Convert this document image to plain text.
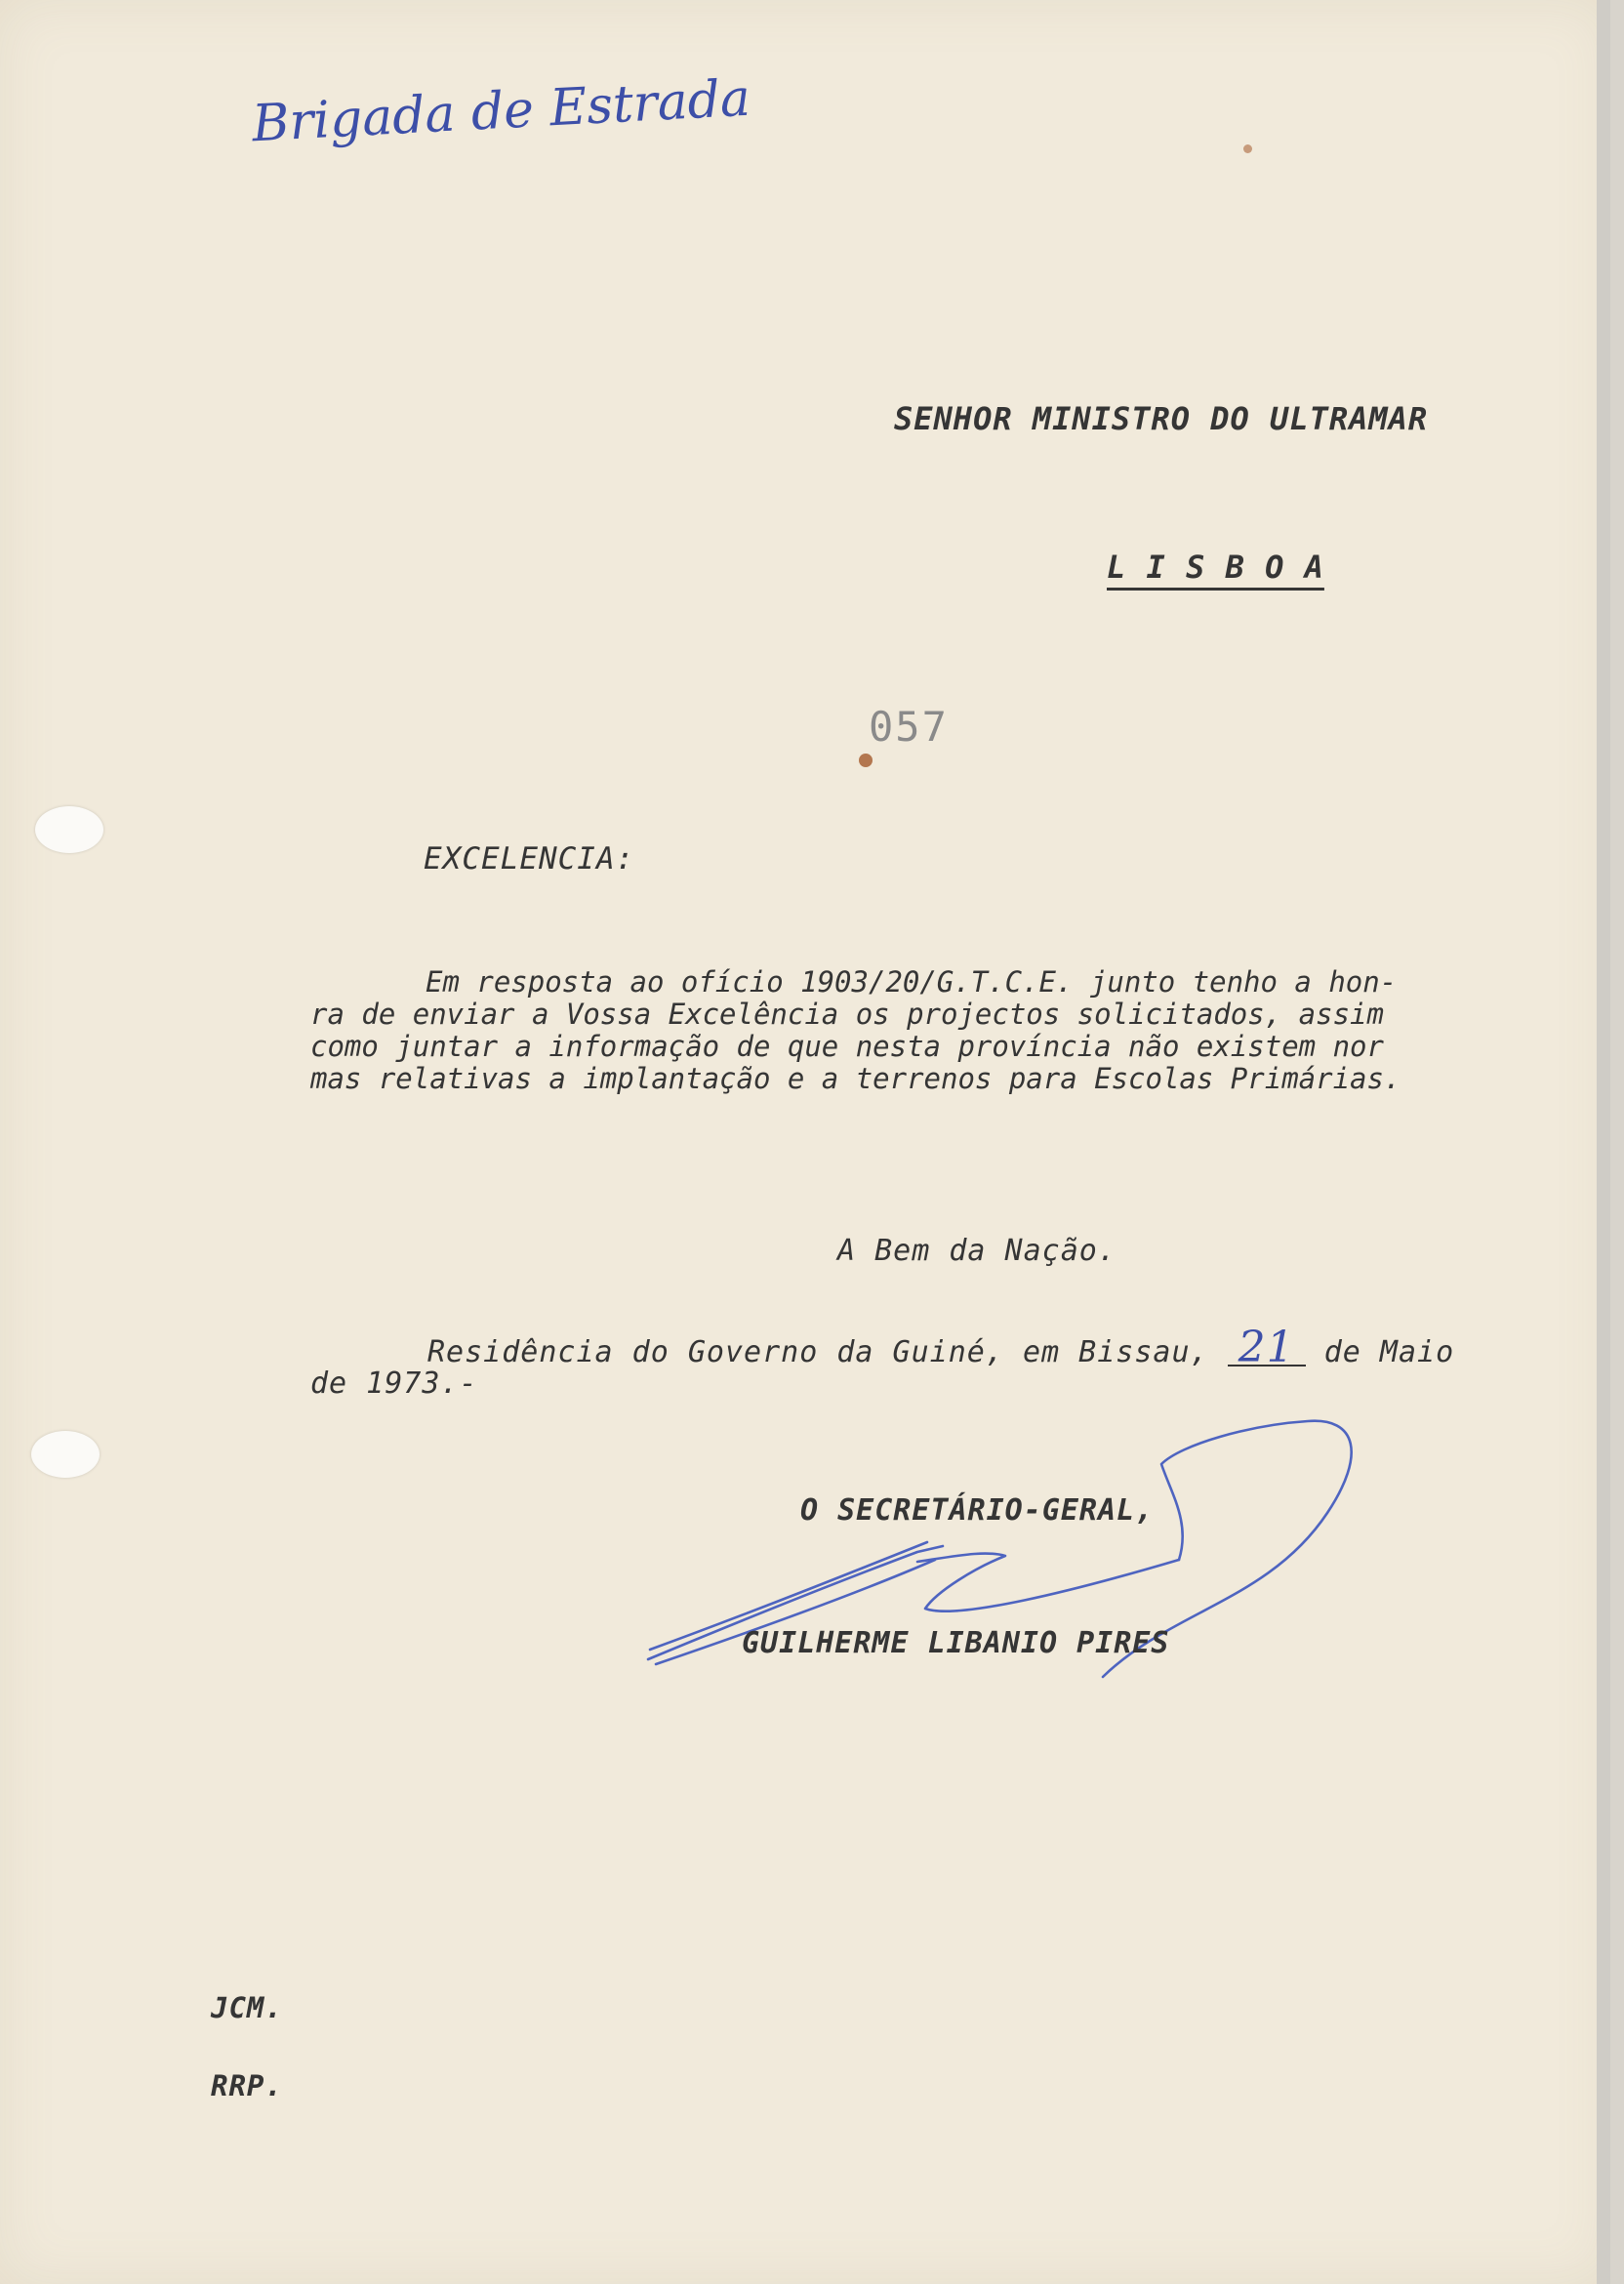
Brigada de Estrada
SENHOR MINISTRO DO ULTRAMAR
L I S B O A
057
EXCELENCIA:
Em resposta ao ofício 1903/20/G.T.C.E. junto tenho a hon-
ra de enviar a Vossa Excelência os projectos solicitados, assim
como juntar a informação de que nesta província não existem nor
mas relativas a implantação e a terrenos para Escolas Primárias.
A Bem da Nação.
Residência do Governo da Guiné, em Bissau, 21 de Maio
de 1973.-
O SECRETÁRIO-GERAL,
GUILHERME LIBANIO PIRES
JCM.
RRP.
